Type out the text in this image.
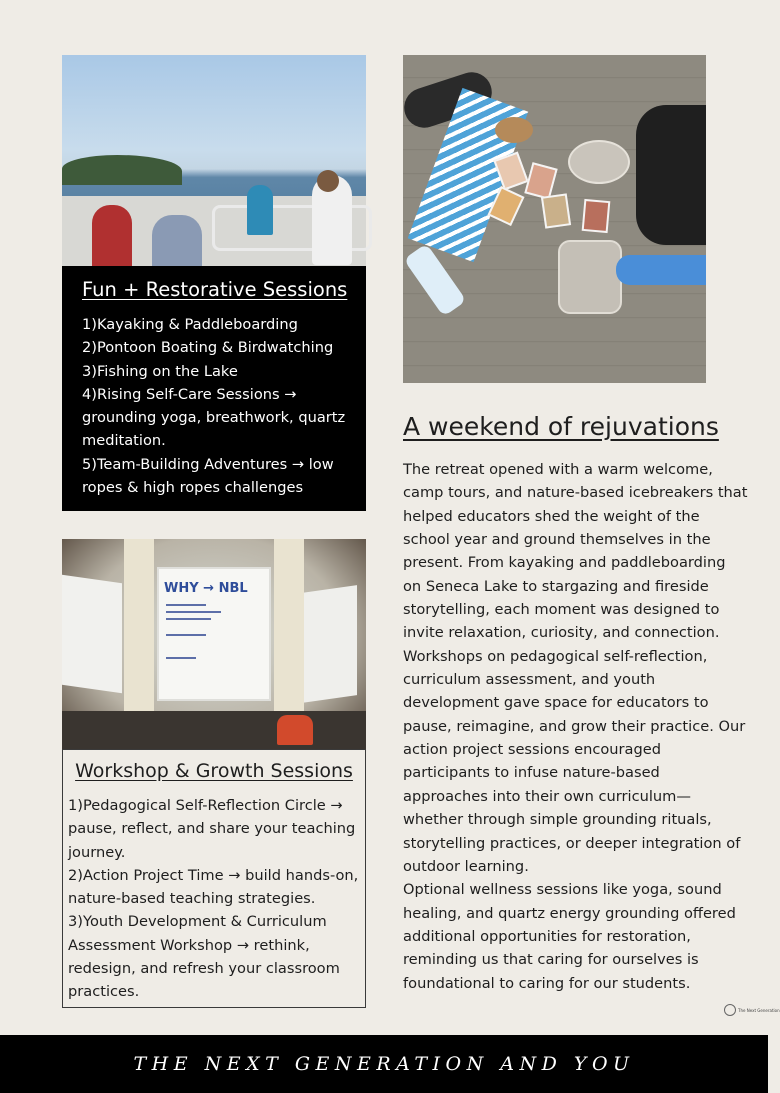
Fun + Restorative Sessions
1)Kayaking & Paddleboarding
2)Pontoon Boating & Birdwatching
3)Fishing on the Lake
4)Rising Self-Care Sessions → grounding yoga, breathwork, quartz meditation.
5)Team-Building Adventures → low ropes & high ropes challenges
A weekend of rejuvations

The retreat opened with a warm welcome, camp tours, and nature-based icebreakers that helped educators shed the weight of the school year and ground themselves in the present. From kayaking and paddleboarding on Seneca Lake to stargazing and fireside storytelling, each moment was designed to invite relaxation, curiosity, and connection. Workshops on pedagogical self-reflection, curriculum assessment, and youth development gave space for educators to pause, reimagine, and grow their practice. Our action project sessions encouraged participants to infuse nature-based approaches into their own curriculum—whether through simple grounding rituals, storytelling practices, or deeper integration of outdoor learning.

Optional wellness sessions like yoga, sound healing, and quartz energy grounding offered additional opportunities for restoration, reminding us that caring for ourselves is foundational to caring for our students.

WHY → NBL
Workshop & Growth Sessions
1)Pedagogical Self-Reflection Circle → pause, reflect, and share your teaching journey.
2)Action Project Time → build hands-on, nature-based teaching strategies.
3)Youth Development & Curriculum Assessment Workshop → rethink, redesign, and refresh your classroom practices.
The Next Generation
THE NEXT GENERATION AND YOU
